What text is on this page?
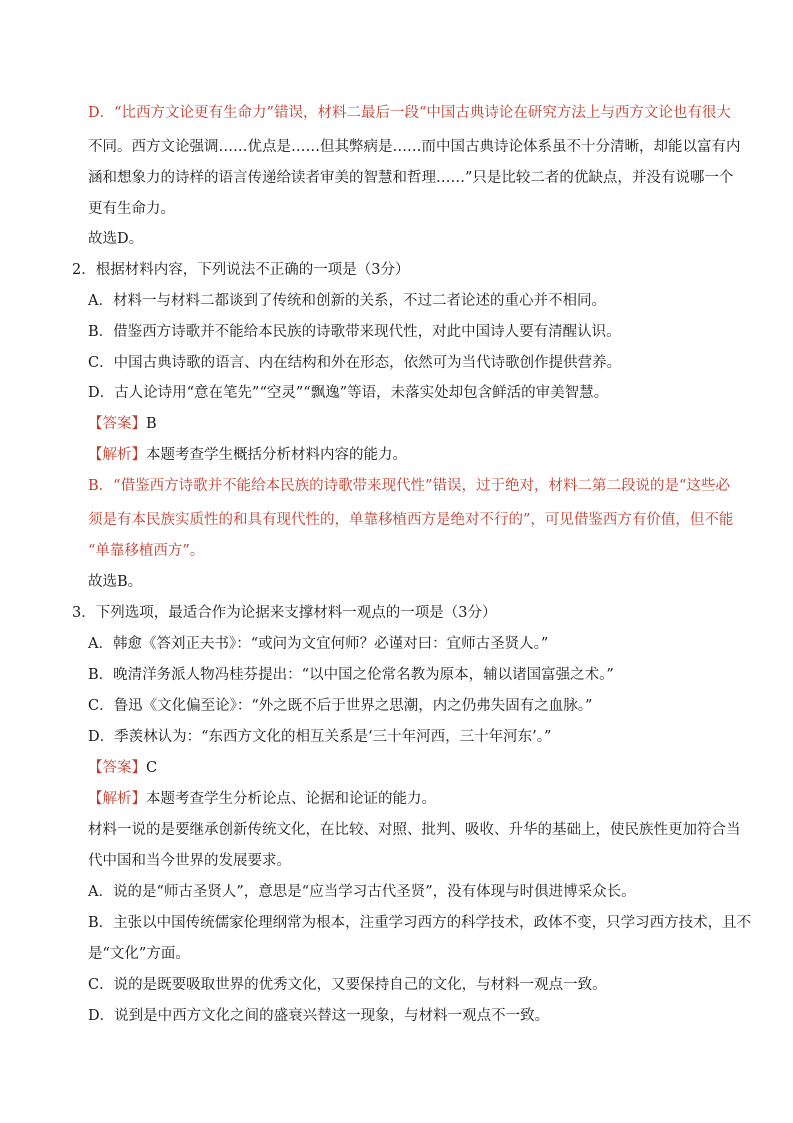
D．“比西方文论更有生命力”错误，材料二最后一段“中国古典诗论在研究方法上与西方文论也有很大
不同。西方文论强调……优点是……但其弊病是……而中国古典诗论体系虽不十分清晰，却能以富有内
涵和想象力的诗样的语言传递给读者审美的智慧和哲理……”只是比较二者的优缺点，并没有说哪一个
更有生命力。
故选D。
2．根据材料内容，下列说法不正确的一项是（3分）
A．材料一与材料二都谈到了传统和创新的关系，不过二者论述的重心并不相同。
B．借鉴西方诗歌并不能给本民族的诗歌带来现代性，对此中国诗人要有清醒认识。
C．中国古典诗歌的语言、内在结构和外在形态，依然可为当代诗歌创作提供营养。
D．古人论诗用“意在笔先”“空灵”“飘逸”等语，未落实处却包含鲜活的审美智慧。
【答案】B
【解析】本题考查学生概括分析材料内容的能力。
B．“借鉴西方诗歌并不能给本民族的诗歌带来现代性”错误，过于绝对，材料二第二段说的是“这些必
须是有本民族实质性的和具有现代性的，单靠移植西方是绝对不行的”，可见借鉴西方有价值，但不能
“单靠移植西方”。
故选B。
3．下列选项，最适合作为论据来支撑材料一观点的一项是（3分）
A．韩愈《答刘正夫书》：“或问为文宜何师？必谨对曰：宜师古圣贤人。”
B．晚清洋务派人物冯桂芬提出：“以中国之伦常名教为原本，辅以诸国富强之术。”
C．鲁迅《文化偏至论》：“外之既不后于世界之思潮，内之仍弗失固有之血脉。”
D．季羡林认为：“东西方文化的相互关系是‘三十年河西，三十年河东’。”
【答案】C
【解析】本题考查学生分析论点、论据和论证的能力。
材料一说的是要继承创新传统文化，在比较、对照、批判、吸收、升华的基础上，使民族性更加符合当
代中国和当今世界的发展要求。
A．说的是“师古圣贤人”，意思是“应当学习古代圣贤”，没有体现与时俱进博采众长。
B．主张以中国传统儒家伦理纲常为根本，注重学习西方的科学技术，政体不变，只学习西方技术，且不
是“文化”方面。
C．说的是既要吸取世界的优秀文化，又要保持自己的文化，与材料一观点一致。
D．说到是中西方文化之间的盛衰兴替这一现象，与材料一观点不一致。
